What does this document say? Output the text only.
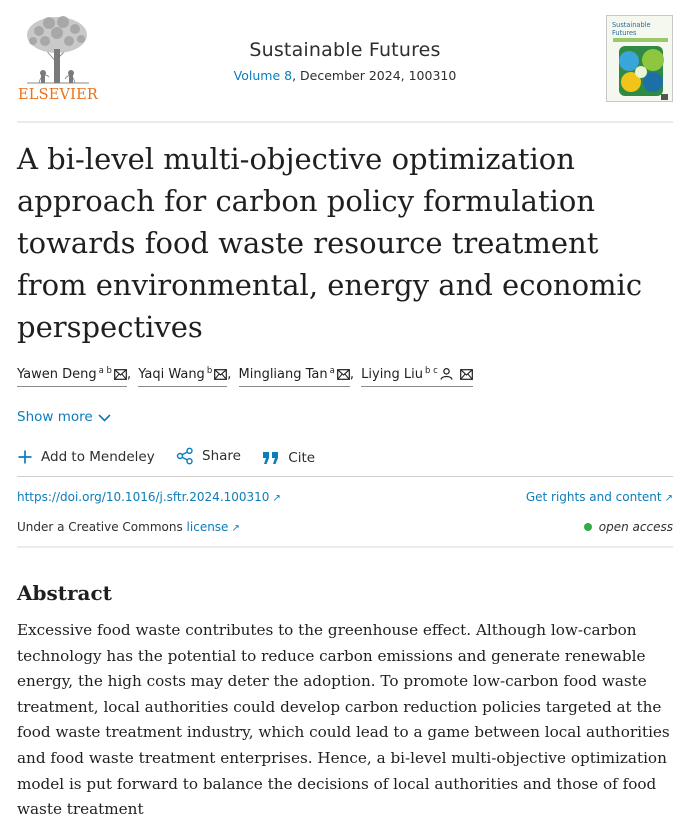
ELSEVIER
Sustainable Futures
Volume 8, December 2024, 100310
Sustainable
Futures
A bi-level multi-objective optimization approach for carbon policy formulation towards food waste resource treatment from environmental, energy and economic perspectives
Yawen Deng $^{a b}$ , Yaqi Wang $^b$ , Mingliang Tan $^a$ , Liying Liu $^{b c}$
Show more
Add to Mendeley
	Share
	Cite
https://doi.org/10.1016/j.sftr.2024.100310 ↗	Get rights and content ↗
Under a Creative Commons license ↗	open access
Abstract

Excessive food waste contributes to the greenhouse effect. Although low-carbon technology has the potential to reduce carbon emissions and generate renewable energy, the high costs may deter the adoption. To promote low-carbon food waste treatment, local authorities could develop carbon reduction policies targeted at the food waste treatment industry, which could lead to a game between local authorities and food waste treatment enterprises. Hence, a bi-level multi-objective optimization model is put forward to balance the decisions of local authorities and those of food waste treatment
